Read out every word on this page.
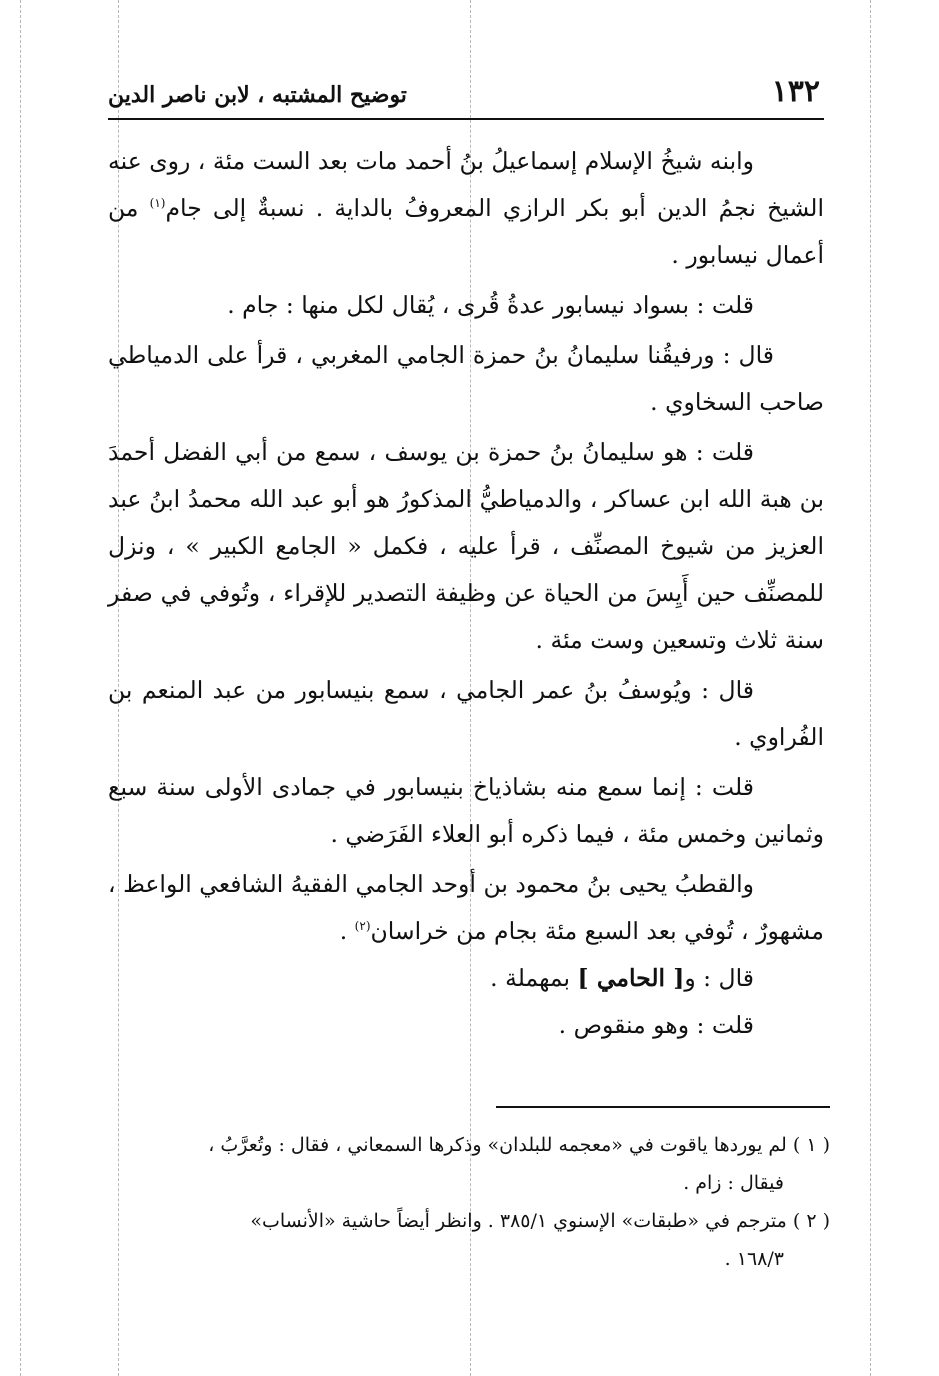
١٣٢
توضيح المشتبه ، لابن ناصر الدين

وابنه شيخُ الإسلام إسماعيلُ بنُ أحمد مات بعد الست مئة ، روى عنه الشيخ نجمُ الدين أبو بكر الرازي المعروفُ بالداية . نسبةٌ إلى جام$^{(١)}$ من أعمال نيسابور .

قلت : بسواد نيسابور عدةُ قُرى ، يُقال لكل منها : جام .

قال : ورفيقُنا سليمانُ بنُ حمزة الجامي المغربي ، قرأ على الدمياطي صاحب السخاوي .

قلت : هو سليمانُ بنُ حمزة بن يوسف ، سمع من أبي الفضل أحمدَ بن هبة الله ابن عساكر ، والدمياطيُّ المذكورُ هو أبو عبد الله محمدُ ابنُ عبد العزيز من شيوخ المصنِّف ، قرأ عليه ، فكمل « الجامع الكبير » ، ونزل للمصنِّف حين أَيِسَ من الحياة عن وظيفة التصدير للإقراء ، وتُوفي في صفر سنة ثلاث وتسعين وست مئة .

قال : ويُوسفُ بنُ عمر الجامي ، سمع بنيسابور من عبد المنعم بن الفُراوي .

قلت : إنما سمع منه بشاذياخ بنيسابور في جمادى الأولى سنة سبع وثمانين وخمس مئة ، فيما ذكره أبو العلاء الفَرَضي .

والقطبُ يحيى بنُ محمود بن أوحد الجامي الفقيهُ الشافعي الواعظ ، مشهورٌ ، تُوفي بعد السبع مئة بجام من خراسان$^{(٢)}$ .

قال : و[ الحامي ] بمهملة .

قلت : وهو منقوص .

( ١ ) لم يوردها ياقوت في «معجمه للبلدان» وذكرها السمعاني ، فقال : وتُعرَّبُ ،

فيقال : زام .

( ٢ ) مترجم في «طبقات» الإسنوي ٣٨٥/١ . وانظر أيضاً حاشية «الأنساب»

١٦٨/٣ .
